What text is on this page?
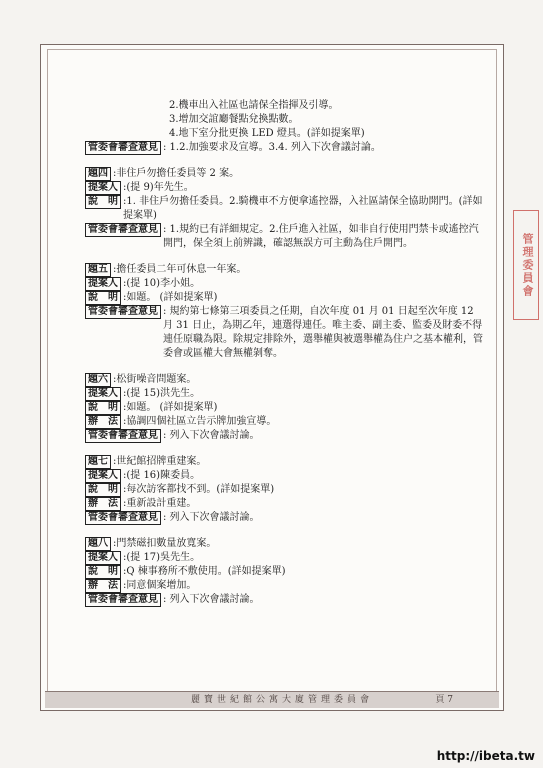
2.機車出入社區也請保全指揮及引導。
3.增加交誼廳餐點兌換點數。
4.地下室分批更換 LED 燈具。(詳如提案單)
管委會審查意見 : 1.2.加強要求及宣導。3.4. 列入下次會議討論。
題四 :非住戶勿擔任委員等 2 案。
提案人 :(提 9)年先生。
說　明 :1. 非住戶勿擔任委員。2.騎機車不方便拿遙控器，入社區請保全協助開門。(詳如提案單)
管委會審查意見 : 1.規約已有詳細規定。2.住戶進入社區，如非自行使用門禁卡或遙控汽開門，保全須上前辨識，確認無誤方可主動為住戶開門。
題五 :擔任委員二年可休息一年案。
提案人 :(提 10)李小姐。
說　明 :如題。 (詳如提案單)
管委會審查意見 : 規約第七條第三項委員之任期，自次年度 01 月 01 日起至次年度 12 月 31 日止，為期乙年，連選得連任。唯主委、副主委、監委及財委不得連任原職為限。除規定排除外，選舉權與被選舉權為住户之基本權利，管委會或區權大會無權剝奪。
題六 :松街噪音問題案。
提案人 :(提 15)洪先生。
說　明 :如題。 (詳如提案單)
辦　法 :協調四個社區立告示牌加強宣導。
管委會審查意見 : 列入下次會議討論。
題七 :世紀館招牌重建案。
提案人 :(提 16)陳委員。
說　明 :每次訪客都找不到。(詳如提案單)
辦　法 :重新設計重建。
管委會審查意見 : 列入下次會議討論。
題八 :門禁磁扣數量放寬案。
提案人 :(提 17)吳先生。
說　明 :Q 棟事務所不敷使用。(詳如提案單)
辦　法 :同意個案增加。
管委會審查意見 : 列入下次會議討論。
麗寶世紀館公寓大廈管理委員會	頁 7
管理委員會
http://ibeta.tw
